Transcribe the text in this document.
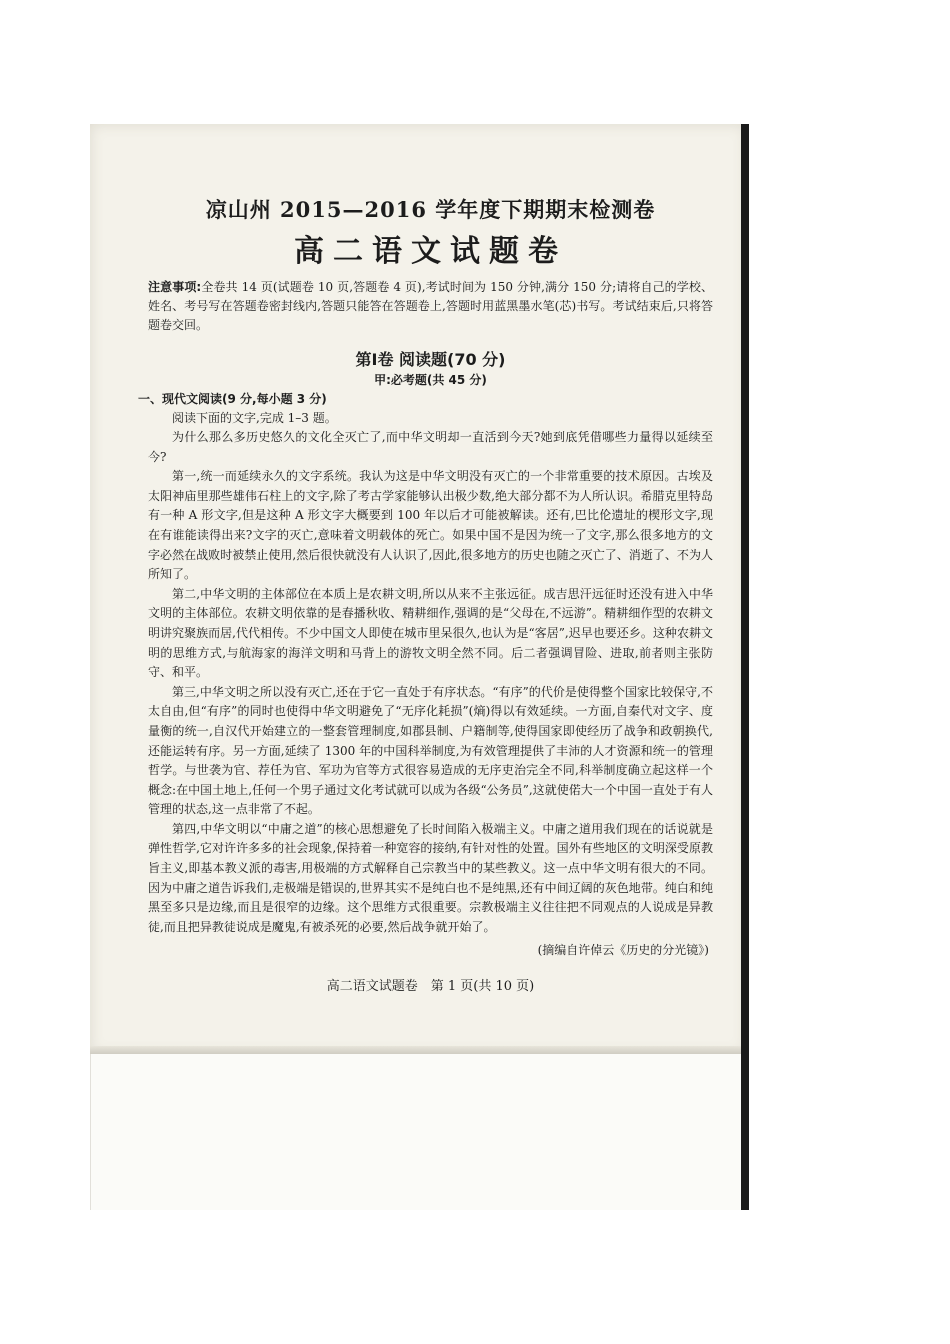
凉山州 2015—2016 学年度下期期末检测卷
高二语文试题卷

注意事项:全卷共 14 页(试题卷 10 页,答题卷 4 页),考试时间为 150 分钟,满分 150 分;请将自己的学校、姓名、考号写在答题卷密封线内,答题只能答在答题卷上,答题时用蓝黑墨水笔(芯)书写。考试结束后,只将答题卷交回。

第Ⅰ卷 阅读题(70 分)
甲:必考题(共 45 分)
一、现代文阅读(9 分,每小题 3 分)

阅读下面的文字,完成 1–3 题。

为什么那么多历史悠久的文化全灭亡了,而中华文明却一直活到今天?她到底凭借哪些力量得以延续至今?

第一,统一而延续永久的文字系统。我认为这是中华文明没有灭亡的一个非常重要的技术原因。古埃及太阳神庙里那些雄伟石柱上的文字,除了考古学家能够认出极少数,绝大部分都不为人所认识。希腊克里特岛有一种 A 形文字,但是这种 A 形文字大概要到 100 年以后才可能被解读。还有,巴比伦遗址的楔形文字,现在有谁能读得出来?文字的灭亡,意味着文明载体的死亡。如果中国不是因为统一了文字,那么很多地方的文字必然在战败时被禁止使用,然后很快就没有人认识了,因此,很多地方的历史也随之灭亡了、消逝了、不为人所知了。

第二,中华文明的主体部位在本质上是农耕文明,所以从来不主张远征。成吉思汗远征时还没有进入中华文明的主体部位。农耕文明依靠的是春播秋收、精耕细作,强调的是“父母在,不远游”。精耕细作型的农耕文明讲究聚族而居,代代相传。不少中国文人即使在城市里呆很久,也认为是“客居”,迟早也要还乡。这种农耕文明的思维方式,与航海家的海洋文明和马背上的游牧文明全然不同。后二者强调冒险、进取,前者则主张防守、和平。

第三,中华文明之所以没有灭亡,还在于它一直处于有序状态。“有序”的代价是使得整个国家比较保守,不太自由,但“有序”的同时也使得中华文明避免了“无序化耗损”(熵)得以有效延续。一方面,自秦代对文字、度量衡的统一,自汉代开始建立的一整套管理制度,如郡县制、户籍制等,使得国家即使经历了战争和政朝换代,还能运转有序。另一方面,延续了 1300 年的中国科举制度,为有效管理提供了丰沛的人才资源和统一的管理哲学。与世袭为官、荐任为官、军功为官等方式很容易造成的无序吏治完全不同,科举制度确立起这样一个概念:在中国土地上,任何一个男子通过文化考试就可以成为各级“公务员”,这就使偌大一个中国一直处于有人管理的状态,这一点非常了不起。

第四,中华文明以“中庸之道”的核心思想避免了长时间陷入极端主义。中庸之道用我们现在的话说就是弹性哲学,它对许许多多的社会现象,保持着一种宽容的接纳,有针对性的处置。国外有些地区的文明深受原教旨主义,即基本教义派的毒害,用极端的方式解释自己宗教当中的某些教义。这一点中华文明有很大的不同。因为中庸之道告诉我们,走极端是错误的,世界其实不是纯白也不是纯黑,还有中间辽阔的灰色地带。纯白和纯黑至多只是边缘,而且是很窄的边缘。这个思维方式很重要。宗教极端主义往往把不同观点的人说成是异教徒,而且把异教徒说成是魔鬼,有被杀死的必要,然后战争就开始了。

(摘编自许倬云《历史的分光镜》)
高二语文试题卷　第 1 页(共 10 页)
